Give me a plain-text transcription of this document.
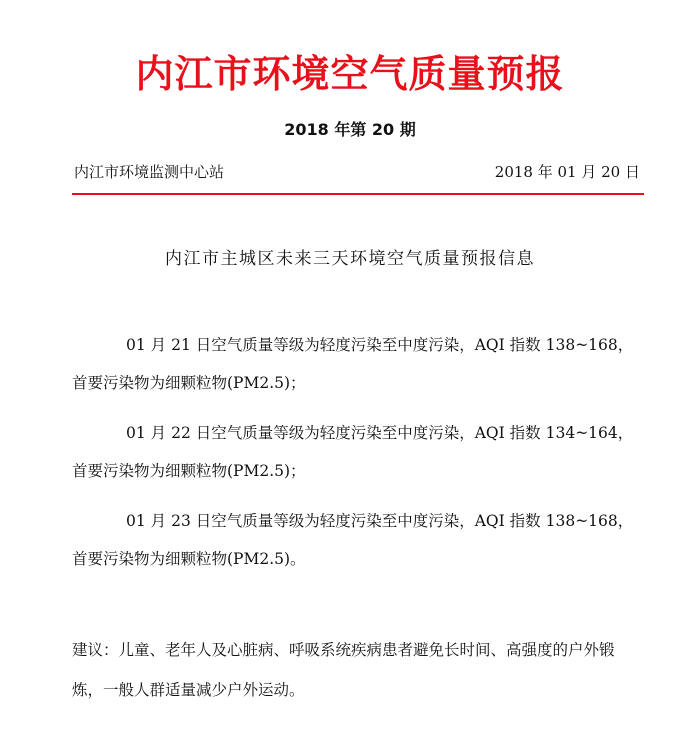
内江市环境空气质量预报
2018 年第 20 期
内江市环境监测中心站	2018 年 01 月 20 日
内江市主城区未来三天环境空气质量预报信息

01 月 21 日空气质量等级为轻度污染至中度污染，AQI 指数 138~168，首要污染物为细颗粒物(PM2.5)；

01 月 22 日空气质量等级为轻度污染至中度污染，AQI 指数 134~164，首要污染物为细颗粒物(PM2.5)；

01 月 23 日空气质量等级为轻度污染至中度污染，AQI 指数 138~168，首要污染物为细颗粒物(PM2.5)。

建议：儿童、老年人及心脏病、呼吸系统疾病患者避免长时间、高强度的户外锻炼，一般人群适量减少户外运动。
